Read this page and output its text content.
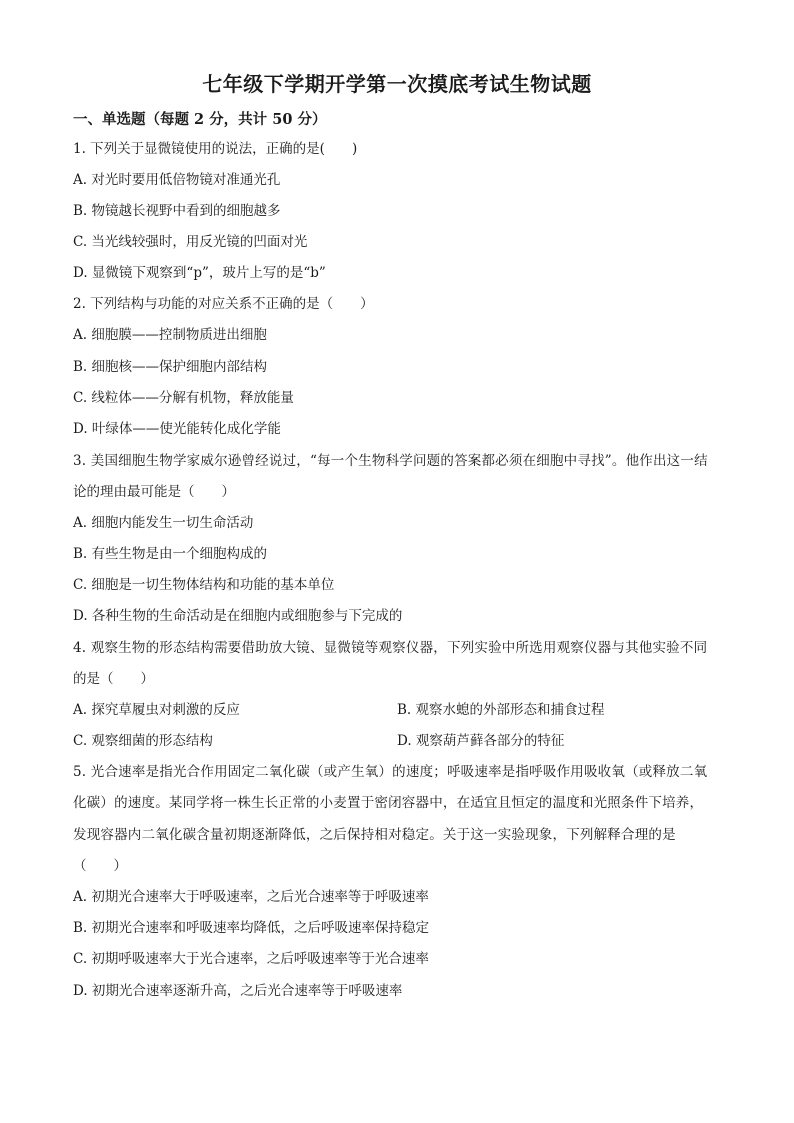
七年级下学期开学第一次摸底考试生物试题
一、单选题（每题 2 分，共计 50 分）
1. 下列关于显微镜使用的说法，正确的是(　　)
A. 对光时要用低倍物镜对准通光孔
B. 物镜越长视野中看到的细胞越多
C. 当光线较强时，用反光镜的凹面对光
D. 显微镜下观察到“p”，玻片上写的是“b”
2. 下列结构与功能的对应关系不正确的是（　　）
A. 细胞膜——控制物质进出细胞
B. 细胞核——保护细胞内部结构
C. 线粒体——分解有机物，释放能量
D. 叶绿体——使光能转化成化学能
3. 美国细胞生物学家威尔逊曾经说过，“每一个生物科学问题的答案都必须在细胞中寻找”。他作出这一结
论的理由最可能是（　　）
A. 细胞内能发生一切生命活动
B. 有些生物是由一个细胞构成的
C. 细胞是一切生物体结构和功能的基本单位
D. 各种生物的生命活动是在细胞内或细胞参与下完成的
4. 观察生物的形态结构需要借助放大镜、显微镜等观察仪器，下列实验中所选用观察仪器与其他实验不同
的是（　　）
A. 探究草履虫对刺激的反应	B. 观察水螅的外部形态和捕食过程
C. 观察细菌的形态结构	D. 观察葫芦藓各部分的特征
5. 光合速率是指光合作用固定二氧化碳（或产生氧）的速度；呼吸速率是指呼吸作用吸收氧（或释放二氧
化碳）的速度。某同学将一株生长正常的小麦置于密闭容器中，在适宜且恒定的温度和光照条件下培养，
发现容器内二氧化碳含量初期逐渐降低，之后保持相对稳定。关于这一实验现象，下列解释合理的是
（　　）
A. 初期光合速率大于呼吸速率，之后光合速率等于呼吸速率
B. 初期光合速率和呼吸速率均降低，之后呼吸速率保持稳定
C. 初期呼吸速率大于光合速率，之后呼吸速率等于光合速率
D. 初期光合速率逐渐升高，之后光合速率等于呼吸速率
